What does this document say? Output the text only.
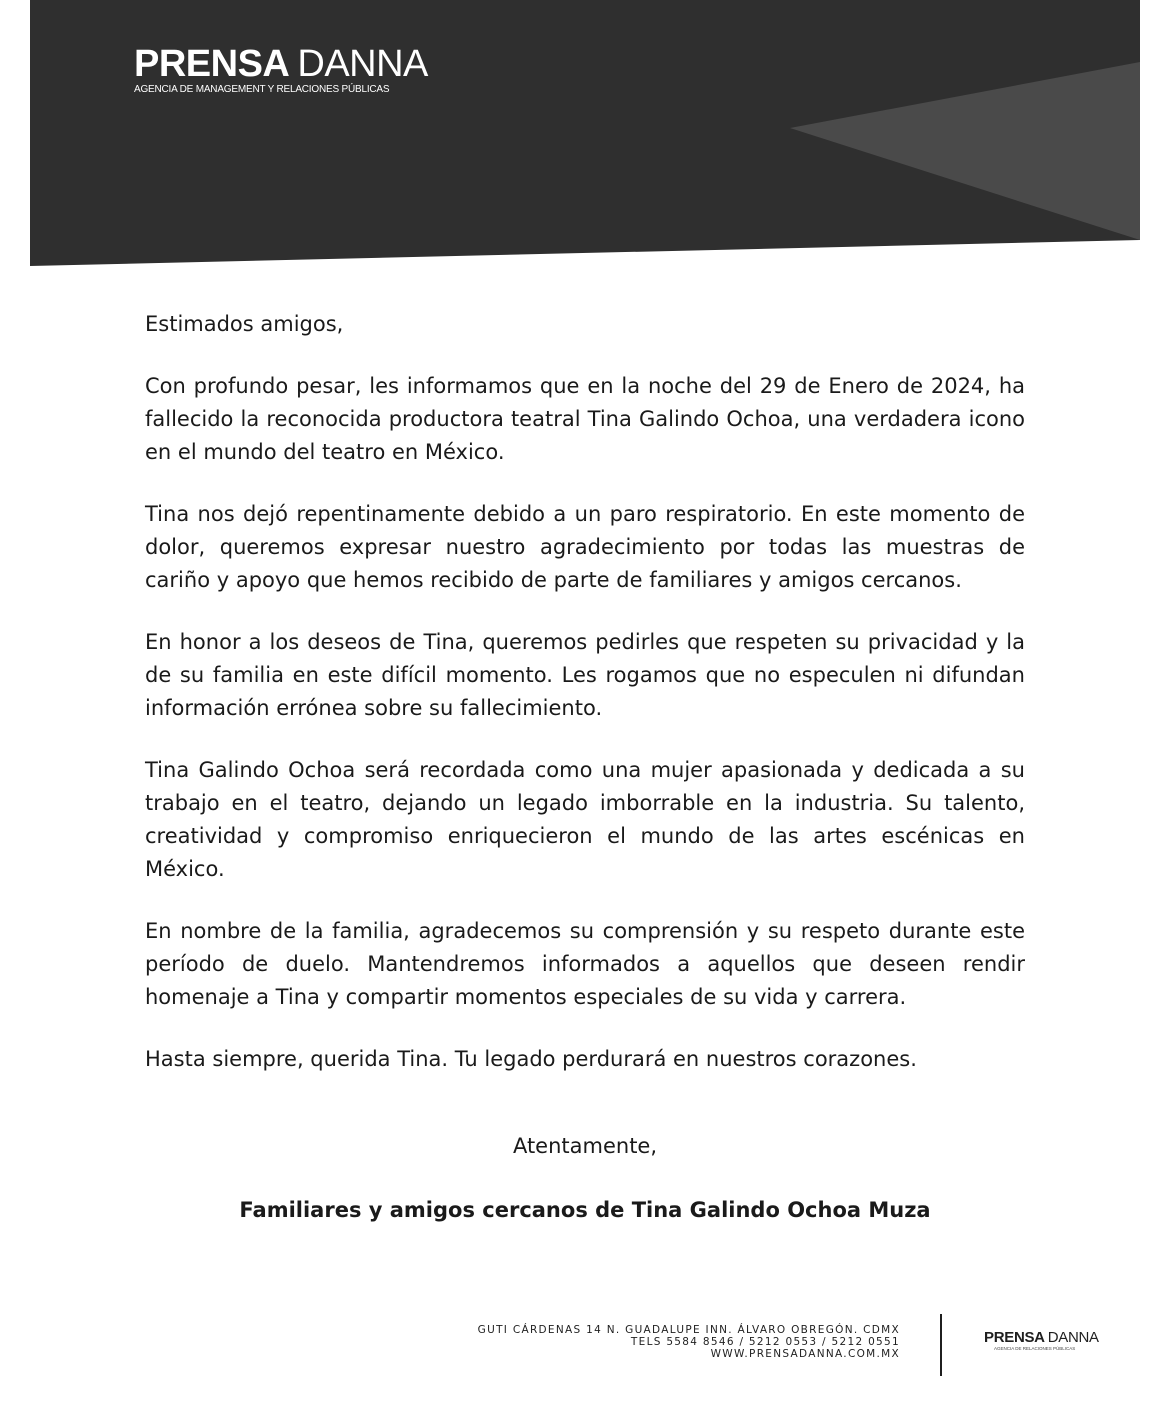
PRENSA DANNA
AGENCIA DE MANAGEMENT Y RELACIONES PÚBLICAS

Estimados amigos,

Con profundo pesar, les informamos que en la noche del 29 de Enero de 2024, ha fallecido la reconocida productora teatral Tina Galindo Ochoa, una verdadera icono en el mundo del teatro en México.

Tina nos dejó repentinamente debido a un paro respiratorio. En este momento de dolor, queremos expresar nuestro agradecimiento por todas las muestras de cariño y apoyo que hemos recibido de parte de familiares y amigos cercanos.

En honor a los deseos de Tina, queremos pedirles que respeten su privacidad y la de su familia en este difícil momento. Les rogamos que no especulen ni difundan información errónea sobre su fallecimiento.

Tina Galindo Ochoa será recordada como una mujer apasionada y dedicada a su trabajo en el teatro, dejando un legado imborrable en la industria. Su talento, creatividad y compromiso enriquecieron el mundo de las artes escénicas en México.

En nombre de la familia, agradecemos su comprensión y su respeto durante este período de duelo. Mantendremos informados a aquellos que deseen rendir homenaje a Tina y compartir momentos especiales de su vida y carrera.

Hasta siempre, querida Tina. Tu legado perdurará en nuestros corazones.

Atentamente,
Familiares y amigos cercanos de Tina Galindo Ochoa Muza
GUTI CÁRDENAS 14 N. GUADALUPE INN. ÁLVARO OBREGÓN. CDMX
TELS 5584 8546 / 5212 0553 / 5212 0551
WWW.PRENSADANNA.COM.MX
PRENSA DANNA
AGENCIA DE RELACIONES PÚBLICAS
